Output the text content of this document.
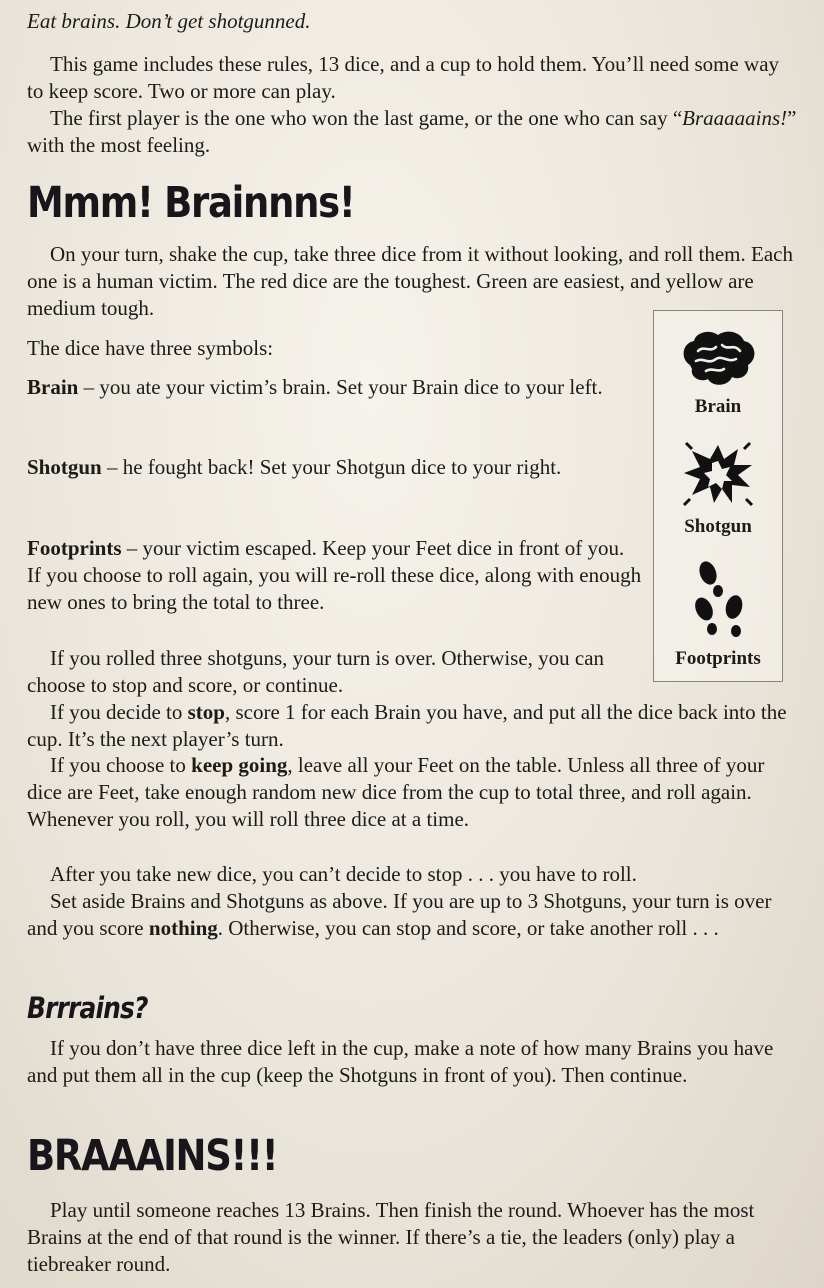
Eat brains. Don’t get shotgunned.

This game includes these rules, 13 dice, and a cup to hold them. You’ll need some way to keep score. Two or more can play.

The first player is the one who won the last game, or the one who can say “Braaaaains!” with the most feeling.

Mmm! Brainnns!

On your turn, shake the cup, take three dice from it without looking, and roll them. Each one is a human victim. The red dice are the toughest. Green are easiest, and yellow are medium tough.

The dice have three symbols:

Brain – you ate your victim’s brain. Set your Brain dice to your left.

Shotgun – he fought back! Set your Shotgun dice to your right.

Footprints – your victim escaped. Keep your Feet dice in front of you. If you choose to roll again, you will re-roll these dice, along with enough new ones to bring the total to three.

If you rolled three shotguns, your turn is over. Otherwise, you can choose to stop and score, or continue.

If you decide to stop, score 1 for each Brain you have, and put all the dice back into the cup. It’s the next player’s turn.

If you choose to keep going, leave all your Feet on the table. Unless all three of your dice are Feet, take enough random new dice from the cup to total three, and roll again. Whenever you roll, you will roll three dice at a time.

After you take new dice, you can’t decide to stop . . . you have to roll.

Set aside Brains and Shotguns as above. If you are up to 3 Shotguns, your turn is over and you score nothing. Otherwise, you can stop and score, or take another roll . . .

Brrrains?

If you don’t have three dice left in the cup, make a note of how many Brains you have and put them all in the cup (keep the Shotguns in front of you). Then continue.

BRAAAINS!!!

Play until someone reaches 13 Brains. Then finish the round. Whoever has the most Brains at the end of that round is the winner. If there’s a tie, the leaders (only) play a tiebreaker round.

Brain
Shotgun
Footprints
